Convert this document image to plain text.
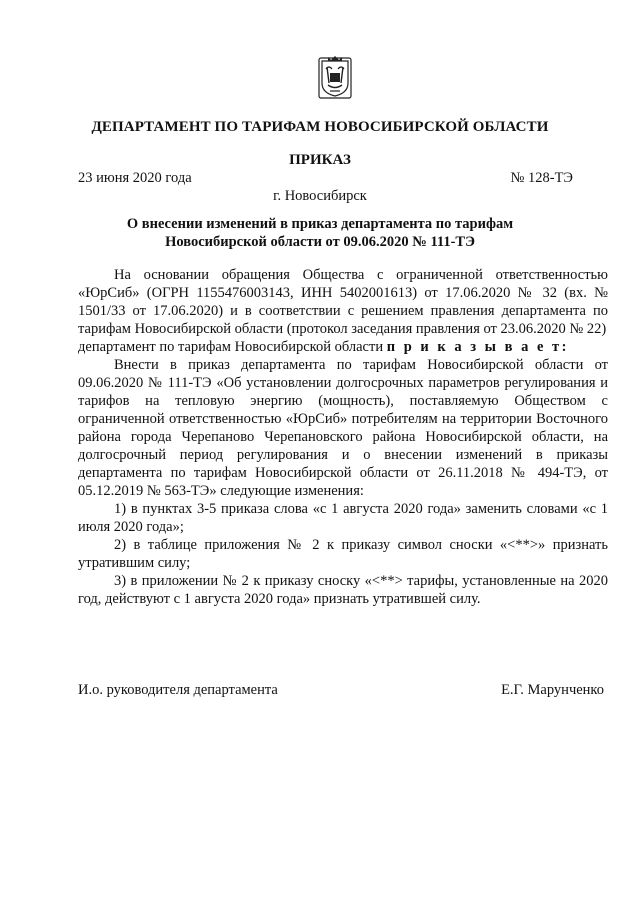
ДЕПАРТАМЕНТ ПО ТАРИФАМ НОВОСИБИРСКОЙ ОБЛАСТИ
ПРИКАЗ
23 июня 2020 года	№ 128-ТЭ
г. Новосибирск
О внесении изменений в приказ департамента по тарифам Новосибирской области от 09.06.2020 № 111-ТЭ

На основании обращения Общества с ограниченной ответственностью «ЮрСиб» (ОГРН 1155476003143, ИНН 5402001613) от 17.06.2020 № 32 (вх. № 1501/33 от 17.06.2020) и в соответствии с решением правления департамента по тарифам Новосибирской области (протокол заседания правления от 23.06.2020 № 22)

департамент по тарифам Новосибирской области п р и к а з ы в а е т:

Внести в приказ департамента по тарифам Новосибирской области от 09.06.2020 № 111-ТЭ «Об установлении долгосрочных параметров регулирования и тарифов на тепловую энергию (мощность), поставляемую Обществом с ограниченной ответственностью «ЮрСиб» потребителям на территории Восточного района города Черепаново Черепановского района Новосибирской области, на долгосрочный период регулирования и о внесении изменений в приказы департамента по тарифам Новосибирской области от 26.11.2018 № 494-ТЭ, от 05.12.2019 № 563-ТЭ» следующие изменения:

1) в пунктах 3-5 приказа слова «с 1 августа 2020 года» заменить словами «с 1 июля 2020 года»;

2) в таблице приложения № 2 к приказу символ сноски «<**>» признать утратившим силу;

3) в приложении № 2 к приказу сноску «<**> тарифы, установленные на 2020 год, действуют с 1 августа 2020 года» признать утратившей силу.

И.о. руководителя департамента	Е.Г. Марунченко
